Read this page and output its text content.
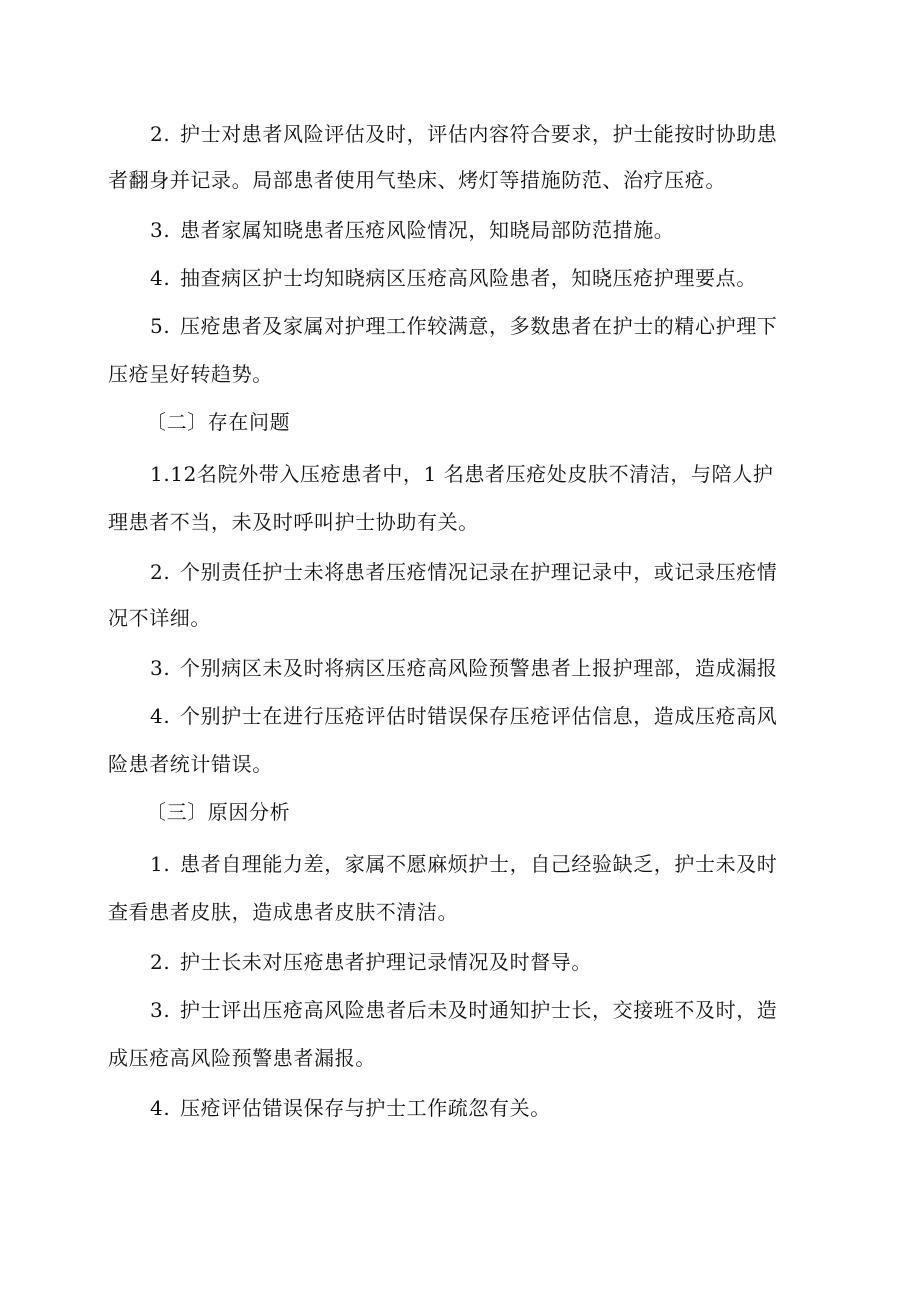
2. 护士对患者风险评估及时，评估内容符合要求，护士能按时协助患
者翻身并记录。局部患者使用气垫床、烤灯等措施防范、治疗压疮。
3. 患者家属知晓患者压疮风险情况，知晓局部防范措施。
4. 抽查病区护士均知晓病区压疮高风险患者，知晓压疮护理要点。
5. 压疮患者及家属对护理工作较满意，多数患者在护士的精心护理下
压疮呈好转趋势。
〔二〕存在问题
1.12名院外带入压疮患者中，1 名患者压疮处皮肤不清洁，与陪人护
理患者不当，未及时呼叫护士协助有关。
2. 个别责任护士未将患者压疮情况记录在护理记录中，或记录压疮情
况不详细。
3. 个别病区未及时将病区压疮高风险预警患者上报护理部，造成漏报
4. 个别护士在进行压疮评估时错误保存压疮评估信息，造成压疮高风
险患者统计错误。
〔三〕原因分析
1. 患者自理能力差，家属不愿麻烦护士，自己经验缺乏，护士未及时
查看患者皮肤，造成患者皮肤不清洁。
2. 护士长未对压疮患者护理记录情况及时督导。
3. 护士评出压疮高风险患者后未及时通知护士长，交接班不及时，造
成压疮高风险预警患者漏报。
4. 压疮评估错误保存与护士工作疏忽有关。
